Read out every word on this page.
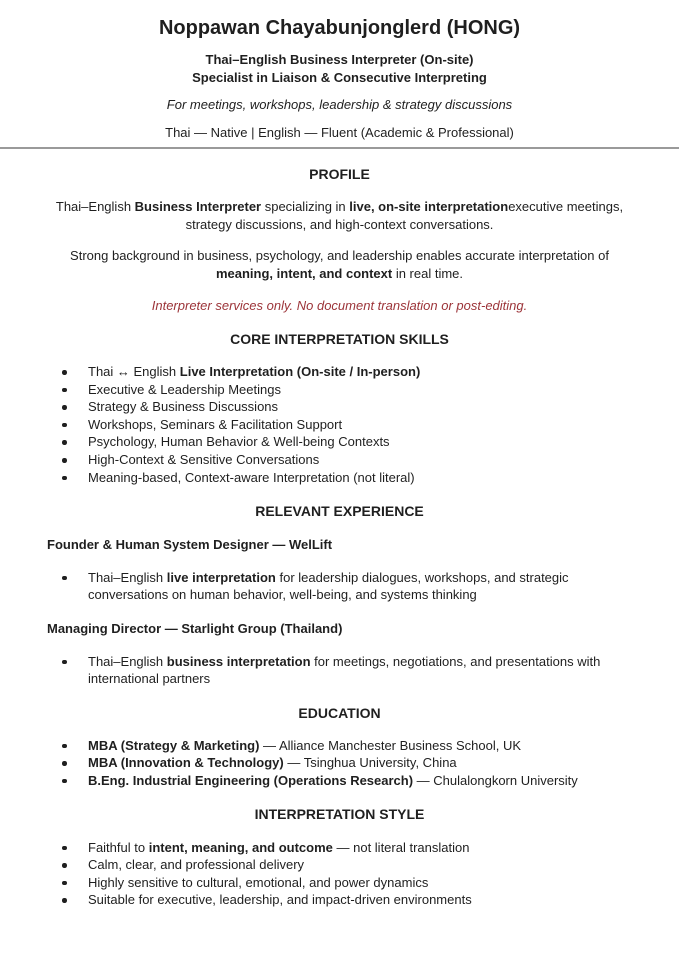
Noppawan Chayabunjonglerd (HONG)
Thai–English Business Interpreter (On-site)
Specialist in Liaison & Consecutive Interpreting
For meetings, workshops, leadership & strategy discussions
Thai — Native | English — Fluent (Academic & Professional)
PROFILE

Thai–English Business Interpreter specializing in live, on-site interpretationexecutive meetings, strategy discussions, and high-context conversations.

Strong background in business, psychology, and leadership enables accurate interpretation of meaning, intent, and context in real time.

Interpreter services only. No document translation or post-editing.

CORE INTERPRETATION SKILLS
Thai ↔ English Live Interpretation (On-site / In-person)
Executive & Leadership Meetings
Strategy & Business Discussions
Workshops, Seminars & Facilitation Support
Psychology, Human Behavior & Well-being Contexts
High-Context & Sensitive Conversations
Meaning-based, Context-aware Interpretation (not literal)
RELEVANT EXPERIENCE

Founder & Human System Designer — WelLift

Thai–English live interpretation for leadership dialogues, workshops, and strategic conversations on human behavior, well-being, and systems thinking

Managing Director — Starlight Group (Thailand)

Thai–English business interpretation for meetings, negotiations, and presentations with international partners
EDUCATION
MBA (Strategy & Marketing) — Alliance Manchester Business School, UK
MBA (Innovation & Technology) — Tsinghua University, China
B.Eng. Industrial Engineering (Operations Research) — Chulalongkorn University
INTERPRETATION STYLE
Faithful to intent, meaning, and outcome — not literal translation
Calm, clear, and professional delivery
Highly sensitive to cultural, emotional, and power dynamics
Suitable for executive, leadership, and impact-driven environments
